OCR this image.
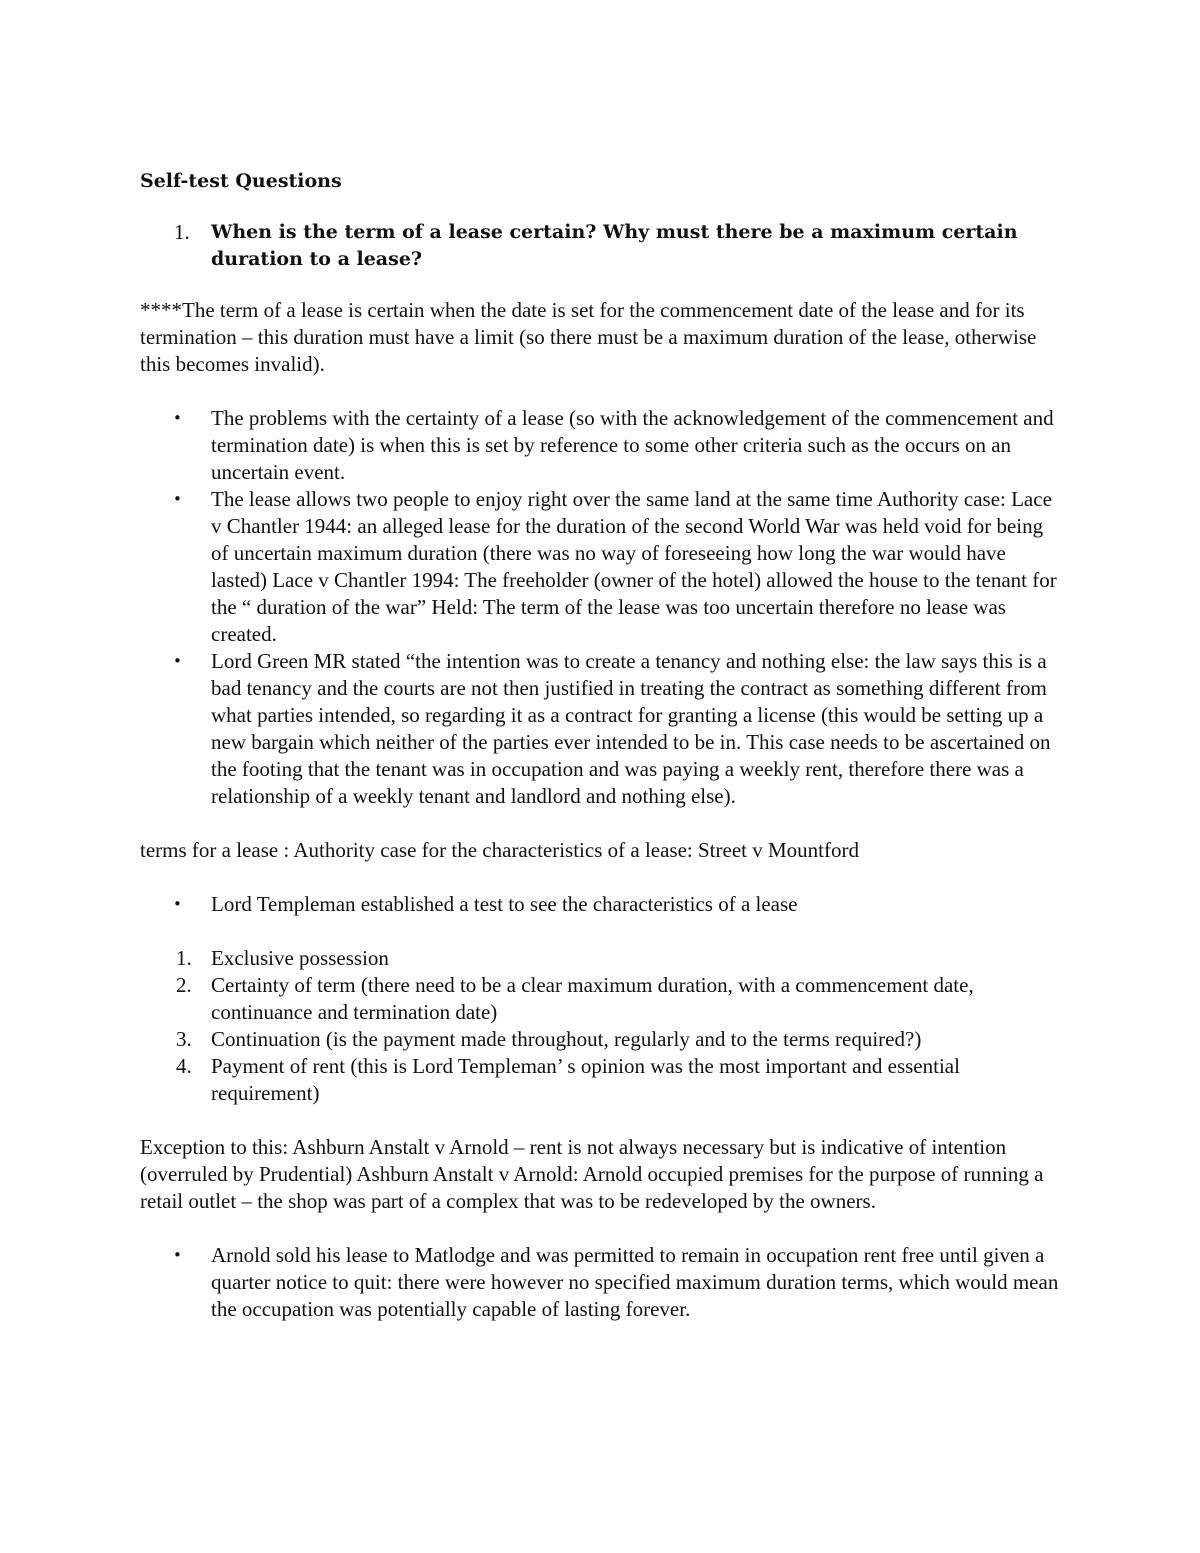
Self-test Questions
1. When is the term of a lease certain? Why must there be a maximum certain duration to a lease?

****The term of a lease is certain when the date is set for the commencement date of the lease and for its termination – this duration must have a limit (so there must be a maximum duration of the lease, otherwise this becomes invalid).

• The problems with the certainty of a lease (so with the acknowledgement of the commencement and termination date) is when this is set by reference to some other criteria such as the occurs on an uncertain event.
• The lease allows two people to enjoy right over the same land at the same time Authority case: Lace v Chantler 1944: an alleged lease for the duration of the second World War was held void for being of uncertain maximum duration (there was no way of foreseeing how long the war would have lasted) Lace v Chantler 1994: The freeholder (owner of the hotel) allowed the house to the tenant for the “ duration of the war” Held: The term of the lease was too uncertain therefore no lease was created.
• Lord Green MR stated “the intention was to create a tenancy and nothing else: the law says this is a bad tenancy and the courts are not then justified in treating the contract as something different from what parties intended, so regarding it as a contract for granting a license (this would be setting up a new bargain which neither of the parties ever intended to be in. This case needs to be ascertained on the footing that the tenant was in occupation and was paying a weekly rent, therefore there was a relationship of a weekly tenant and landlord and nothing else).

terms for a lease : Authority case for the characteristics of a lease: Street v Mountford

• Lord Templeman established a test to see the characteristics of a lease
1. Exclusive possession
2. Certainty of term (there need to be a clear maximum duration, with a commencement date, continuance and termination date)
3. Continuation (is the payment made throughout, regularly and to the terms required?)
4. Payment of rent (this is Lord Templeman’ s opinion was the most important and essential requirement)

Exception to this: Ashburn Anstalt v Arnold – rent is not always necessary but is indicative of intention (overruled by Prudential) Ashburn Anstalt v Arnold: Arnold occupied premises for the purpose of running a retail outlet – the shop was part of a complex that was to be redeveloped by the owners.

• Arnold sold his lease to Matlodge and was permitted to remain in occupation rent free until given a quarter notice to quit: there were however no specified maximum duration terms, which would mean the occupation was potentially capable of lasting forever.
